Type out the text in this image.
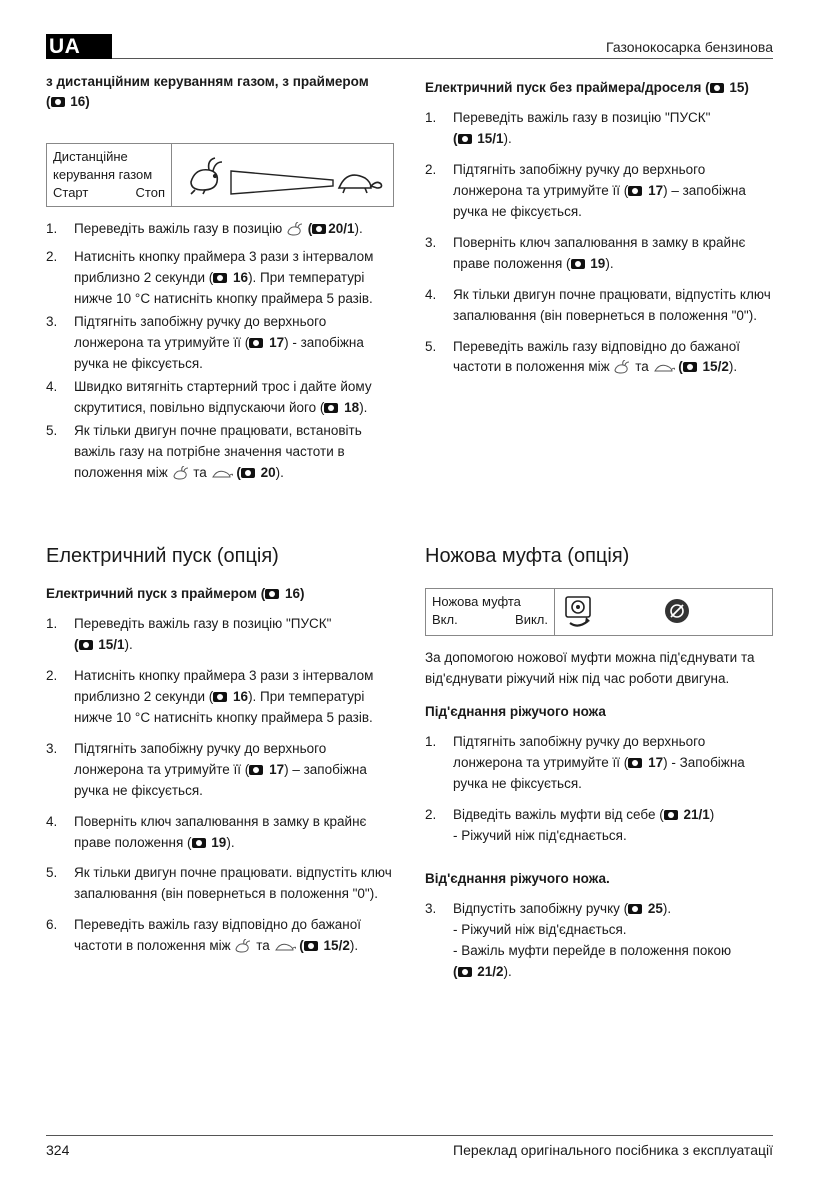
UA	Газонокосарка бензинова
з дистанційним керуванням газом, з праймером
( 16)
Дистанційне
керування газом
Старт	Стоп
1. Переведіть важіль газу в позицію ( 20/1).
2. Натисніть кнопку праймера 3 рази з інтервалом
приблизно 2 секунди ( 16). При температурі
нижче 10 °C натисніть кнопку праймера 5 разів.
3. Підтягніть запобіжну ручку до верхнього
лонжерона та утримуйте її ( 17) - запобіжна
ручка не фіксується.
4. Швидко витягніть стартерний трос і дайте йому
скрутитися, повільно відпускаючи його ( 18).
5. Як тільки двигун почне працювати, встановіть
важіль газу на потрібне значення частоти в
положення між та ( 20).
Електричний пуск без праймера/дроселя ( 15)
1. Переведіть важіль газу в позицію "ПУСК"
( 15/1).
2. Підтягніть запобіжну ручку до верхнього
лонжерона та утримуйте її ( 17) – запобіжна
ручка не фіксується.
3. Поверніть ключ запалювання в замку в крайнє
праве положення ( 19).
4. Як тільки двигун почне працювати, відпустіть ключ
запалювання (він повернеться в положення "0").
5. Переведіть важіль газу відповідно до бажаної
частоти в положення між та ( 15/2).
Електричний пуск (опція)
Електричний пуск з праймером ( 16)
1. Переведіть важіль газу в позицію "ПУСК"
( 15/1).
2. Натисніть кнопку праймера 3 рази з інтервалом
приблизно 2 секунди ( 16). При температурі
нижче 10 °C натисніть кнопку праймера 5 разів.
3. Підтягніть запобіжну ручку до верхнього
лонжерона та утримуйте її ( 17) – запобіжна
ручка не фіксується.
4. Поверніть ключ запалювання в замку в крайнє
праве положення ( 19).
5. Як тільки двигун почне працювати. відпустіть ключ
запалювання (він повернеться в положення "0").
6. Переведіть важіль газу відповідно до бажаної
частоти в положення між та ( 15/2).
Ножова муфта (опція)
Ножова муфта
Вкл.	Викл.

За допомогою ножової муфти можна під'єднувати та
від'єднувати ріжучий ніж під час роботи двигуна.

Під'єднання ріжучого ножа
1. Підтягніть запобіжну ручку до верхнього
лонжерона та утримуйте її ( 17) - Запобіжна
ручка не фіксується.
2. Відведіть важіль муфти від себе ( 21/1)
- Ріжучий ніж під'єднається.
Від'єднання ріжучого ножа.
3. Відпустіть запобіжну ручку ( 25).
- Ріжучий ніж від'єднається.
- Важіль муфти перейде в положення покою
( 21/2).
324	Переклад оригінального посібника з експлуатації
